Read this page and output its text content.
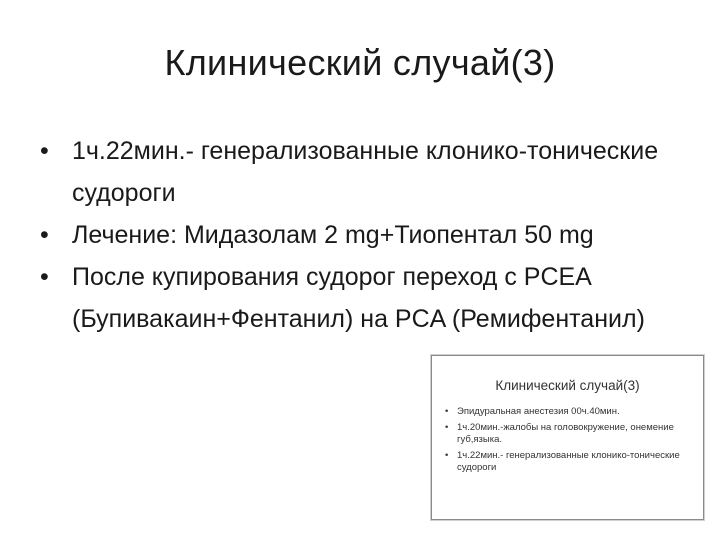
Клинический случай(3)
• 1ч.22мин.- генерализованные клонико-тонические судороги
• Лечение: Мидазолам 2 mg+Тиопентал 50 mg
• После купирования судорог переход с PCEA (Бупивакаин+Фентанил) на PCA (Ремифентанил)
Клинический случай(3)
• Эпидуральная анестезия 00ч.40мин.
• 1ч.20мин.-жалобы на головокружение, онемение губ,языка.
• 1ч.22мин.- генерализованные клонико-тонические судороги
